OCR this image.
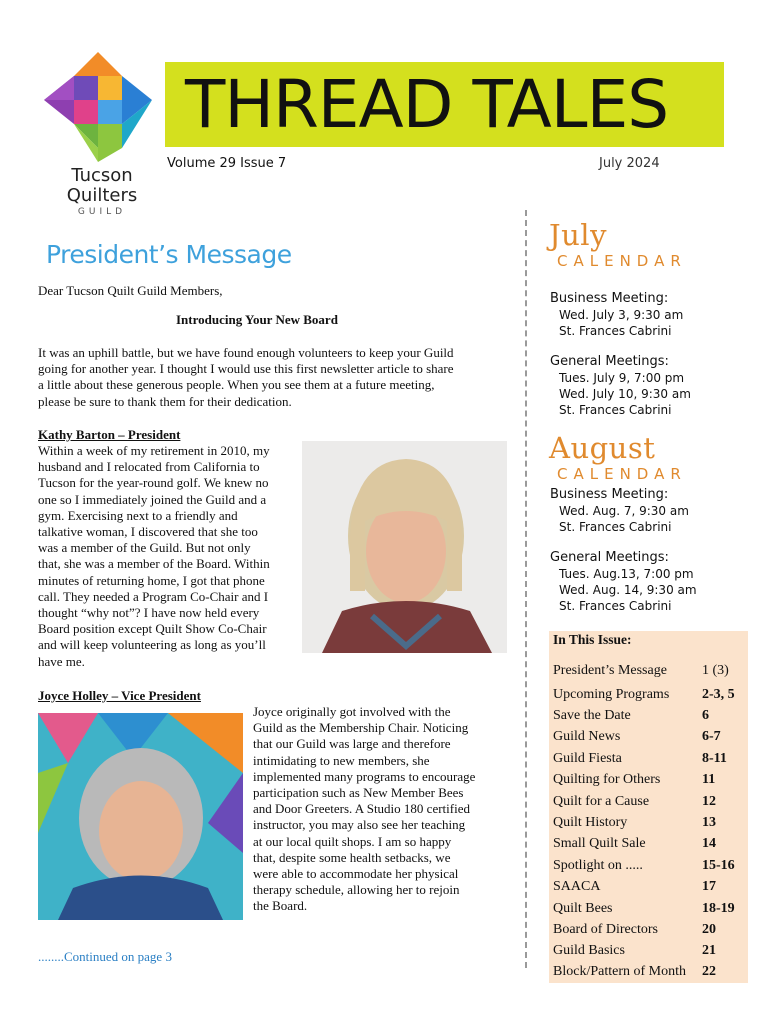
Tucson
Quilters
GUILD
THREAD TALES
Volume 29 Issue 7	July 2024
President’s Message
Dear Tucson Quilt Guild Members,
Introducing Your New Board
It was an uphill battle, but we have found enough volunteers to keep your Guild
going for another year. I thought I would use this first newsletter article to share
a little about these generous people. When you see them at a future meeting,
please be sure to thank them for their dedication.
Kathy Barton – President
Within a week of my retirement in 2010, my
husband and I relocated from California to
Tucson for the year-round golf. We knew no
one so I immediately joined the Guild and a
gym. Exercising next to a friendly and
talkative woman, I discovered that she too
was a member of the Guild. But not only
that, she was a member of the Board. Within
minutes of returning home, I got that phone
call. They needed a Program Co-Chair and I
thought “why not”? I have now held every
Board position except Quilt Show Co-Chair
and will keep volunteering as long as you’ll
have me.
Joyce Holley – Vice President
Joyce originally got involved with the
Guild as the Membership Chair. Noticing
that our Guild was large and therefore
intimidating to new members, she
implemented many programs to encourage
participation such as New Member Bees
and Door Greeters. A Studio 180 certified
instructor, you may also see her teaching
at our local quilt shops. I am so happy
that, despite some health setbacks, we
were able to accommodate her physical
therapy schedule, allowing her to rejoin
the Board.
........Continued on page 3
July
CALENDAR
Business Meeting:
Wed. July 3, 9:30 am
St. Frances Cabrini
General Meetings:
Tues. July 9, 7:00 pm
Wed. July 10, 9:30 am
St. Frances Cabrini
August
CALENDAR
Business Meeting:
Wed. Aug. 7, 9:30 am
St. Frances Cabrini
General Meetings:
Tues. Aug.13, 7:00 pm
Wed. Aug. 14, 9:30 am
St. Frances Cabrini
In This Issue:
President’s Message	1 (3)
Upcoming Programs 2-3, 5
Save the Date	6
Guild News	6-7
Guild Fiesta	8-11
Quilting for Others	11
Quilt for a Cause	12
Quilt History	13
Small Quilt Sale	14
Spotlight on .....	15-16
SAACA	17
Quilt Bees	18-19
Board of Directors	20
Guild Basics	21
Block/Pattern of Month 22
